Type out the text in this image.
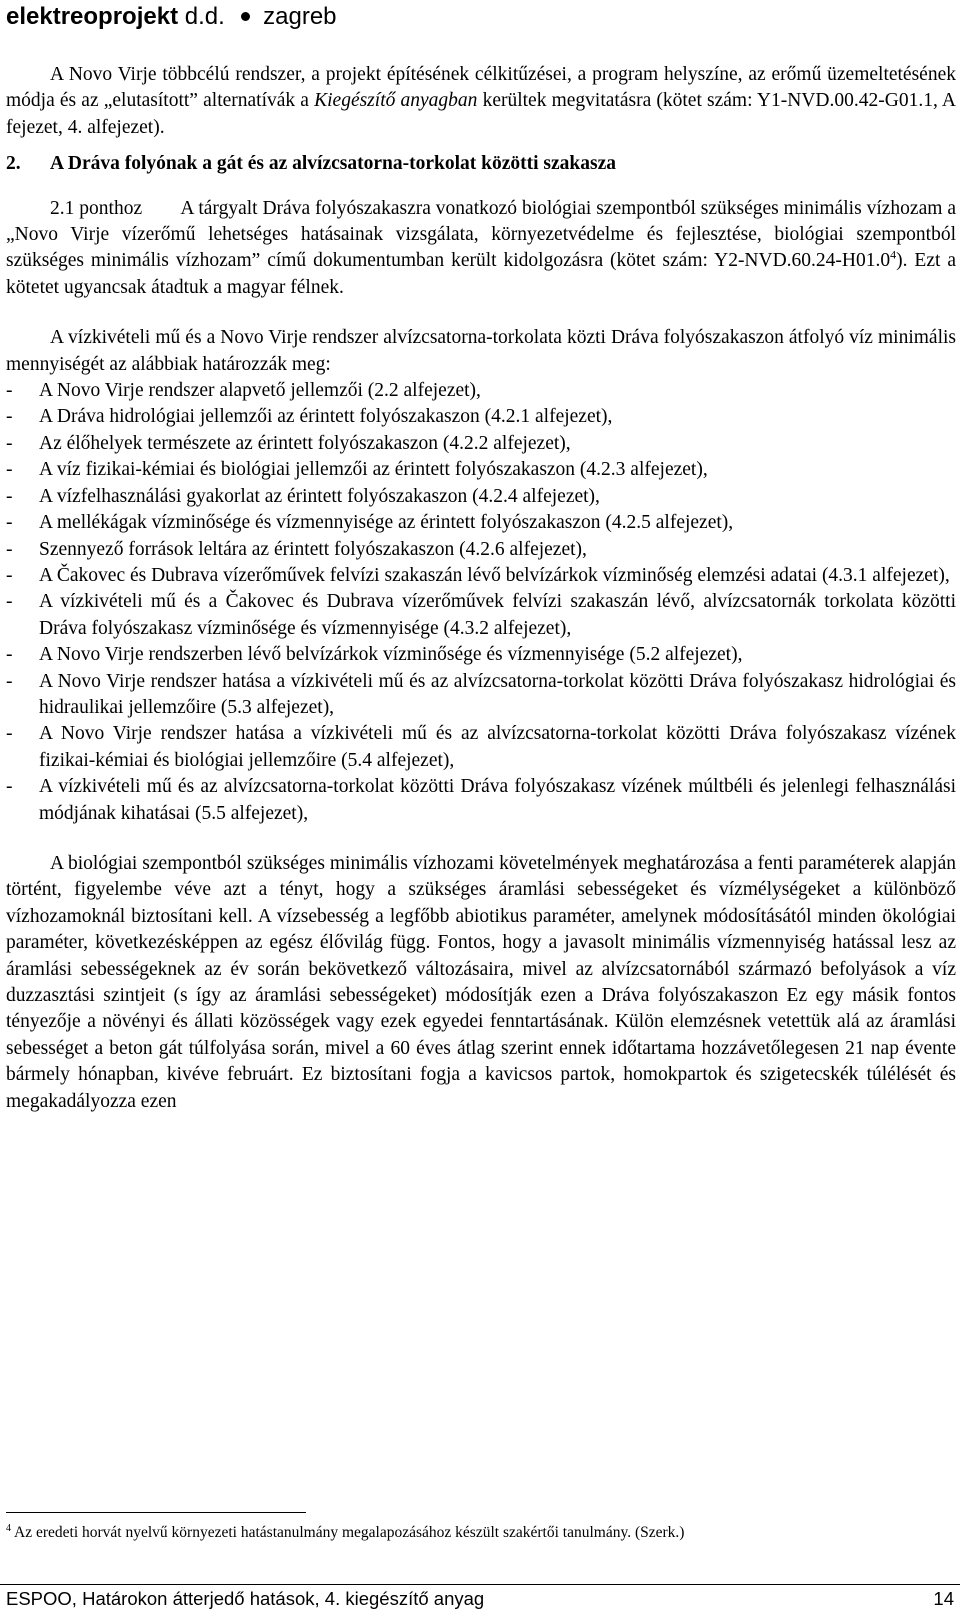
elektreoprojekt d.d. zagreb

A Novo Virje többcélú rendszer, a projekt építésének célkitűzései, a program helyszíne, az erőmű üzemeltetésének módja és az „elutasított” alternatívák a Kiegészítő anyagban kerültek megvitatásra (kötet szám: Y1-NVD.00.42-G01.1, A fejezet, 4. alfejezet).

2. A Dráva folyónak a gát és az alvízcsatorna-torkolat közötti szakasza

2.1 ponthoz A tárgyalt Dráva folyószakaszra vonatkozó biológiai szempontból szükséges minimális vízhozam a „Novo Virje vízerőmű lehetséges hatásainak vizsgálata, környezetvédelme és fejlesztése, biológiai szempontból szükséges minimális vízhozam” című dokumentumban került kidolgozásra (kötet szám: Y2-NVD.60.24-H01.0$^4$). Ezt a kötetet ugyancsak átadtuk a magyar félnek.

A vízkivételi mű és a Novo Virje rendszer alvízcsatorna-torkolata közti Dráva folyószakaszon átfolyó víz minimális mennyiségét az alábbiak határozzák meg:

- A Novo Virje rendszer alapvető jellemzői (2.2 alfejezet),
- A Dráva hidrológiai jellemzői az érintett folyószakaszon (4.2.1 alfejezet),
- Az élőhelyek természete az érintett folyószakaszon (4.2.2 alfejezet),
- A víz fizikai-kémiai és biológiai jellemzői az érintett folyószakaszon (4.2.3 alfejezet),
- A vízfelhasználási gyakorlat az érintett folyószakaszon (4.2.4 alfejezet),
- A mellékágak vízminősége és vízmennyisége az érintett folyószakaszon (4.2.5 alfejezet),
- Szennyező források leltára az érintett folyószakaszon (4.2.6 alfejezet),
- A Čakovec és Dubrava vízerőművek felvízi szakaszán lévő belvízárkok vízminőség elemzési adatai (4.3.1 alfejezet),
- A vízkivételi mű és a Čakovec és Dubrava vízerőművek felvízi szakaszán lévő, alvízcsatornák torkolata közötti Dráva folyószakasz vízminősége és vízmennyisége (4.3.2 alfejezet),
- A Novo Virje rendszerben lévő belvízárkok vízminősége és vízmennyisége (5.2 alfejezet),
- A Novo Virje rendszer hatása a vízkivételi mű és az alvízcsatorna-torkolat közötti Dráva folyószakasz hidrológiai és hidraulikai jellemzőire (5.3 alfejezet),
- A Novo Virje rendszer hatása a vízkivételi mű és az alvízcsatorna-torkolat közötti Dráva folyószakasz vízének fizikai-kémiai és biológiai jellemzőire (5.4 alfejezet),
- A vízkivételi mű és az alvízcsatorna-torkolat közötti Dráva folyószakasz vízének múltbéli és jelenlegi felhasználási módjának kihatásai (5.5 alfejezet),

A biológiai szempontból szükséges minimális vízhozami követelmények meghatározása a fenti paraméterek alapján történt, figyelembe véve azt a tényt, hogy a szükséges áramlási sebességeket és vízmélységeket a különböző vízhozamoknál biztosítani kell. A vízsebesség a legfőbb abiotikus paraméter, amelynek módosításától minden ökológiai paraméter, következésképpen az egész élővilág függ. Fontos, hogy a javasolt minimális vízmennyiség hatással lesz az áramlási sebességeknek az év során bekövetkező változásaira, mivel az alvízcsatornából származó befolyások a víz duzzasztási szintjeit (s így az áramlási sebességeket) módosítják ezen a Dráva folyószakaszon Ez egy másik fontos tényezője a növényi és állati közösségek vagy ezek egyedei fenntartásának. Külön elemzésnek vetettük alá az áramlási sebességet a beton gát túlfolyása során, mivel a 60 éves átlag szerint ennek időtartama hozzávetőlegesen 21 nap évente bármely hónapban, kivéve februárt. Ez biztosítani fogja a kavicsos partok, homokpartok és szigetecskék túlélését és megakadályozza ezen

$^4$ Az eredeti horvát nyelvű környezeti hatástanulmány megalapozásához készült szakértői tanulmány. (Szerk.)
ESPOO, Határokon átterjedő hatások, 4. kiegészítő anyag	14
